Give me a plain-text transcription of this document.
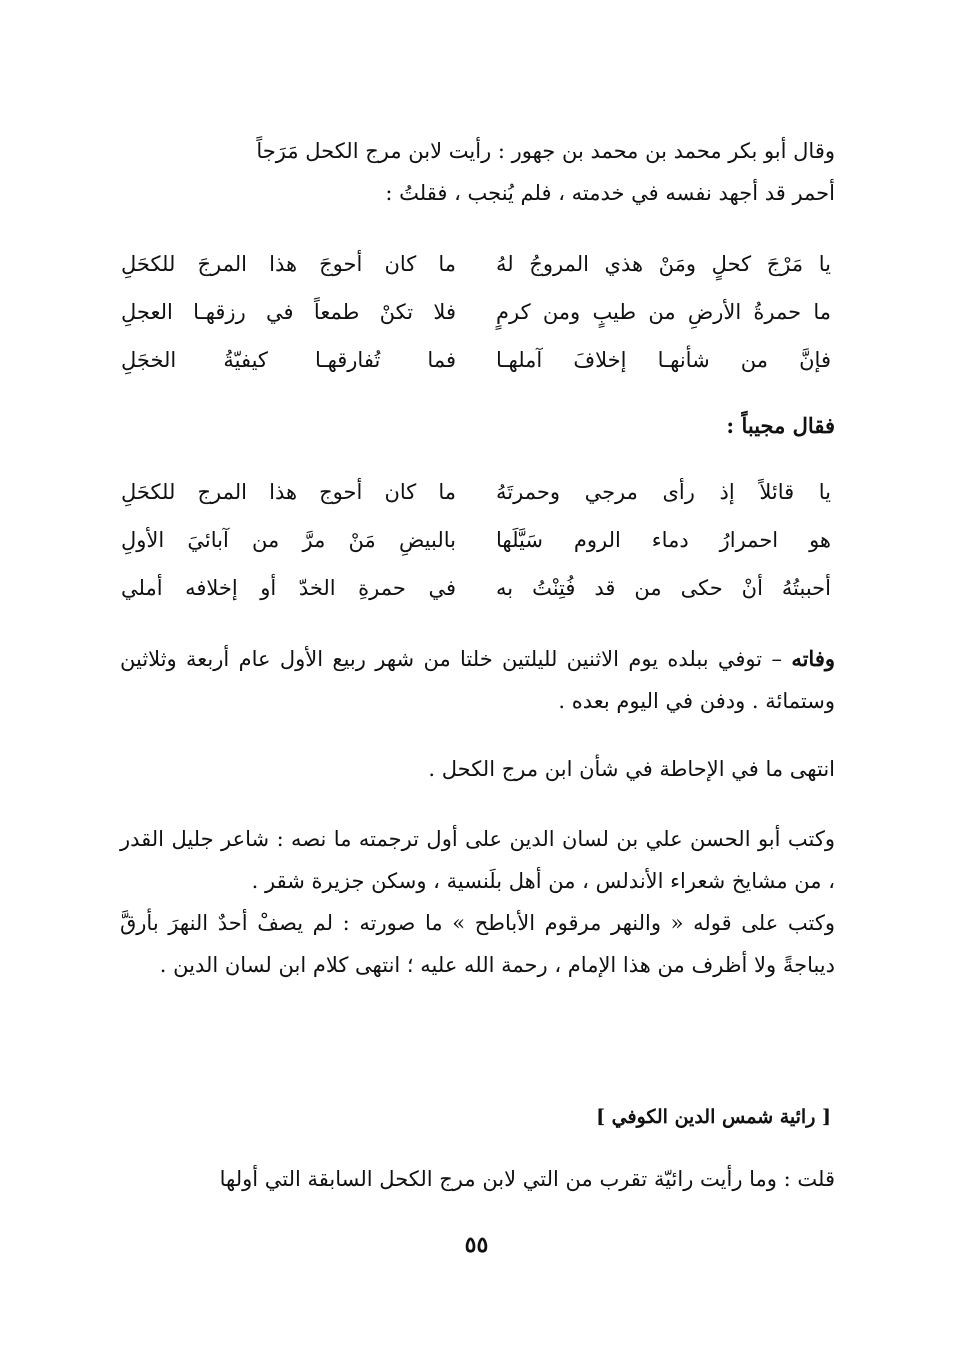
وقال أبو بكر محمد بن محمد بن جهور : رأيت لابن مرج الكحل مَرَجاً

أحمر قد أجهد نفسه في خدمته ، فلم يُنجب ، فقلتُ :

يا مَرْجَ كحلٍ ومَنْ هذي المروجُ لهُ
ما كان أحوجَ هذا المرجَ للكحَلِ
ما حمرةُ الأرضِ من طيبٍ ومن كرمٍ
فلا تكنْ طمعاً في رزقهـا العجلِ
فإنَّ من شأنهـا إخلافَ آملهـا
فما تُفارقهـا كيفيّةُ الخجَلِ

فقال مجيباً :

يا قائلاً إذ رأى مرجي وحمرتَهُ
ما كان أحوج هذا المرج للكحَلِ
هو احمرارُ دماء الروم سَيَّلَها
بالبيضِ مَنْ مرَّ من آبائيَ الأولِ
أحببتُهُ أنْ حكى من قد فُتِنْتُ به
في حمرةِ الخدّ أو إخلافه أملي

وفاته – توفي ببلده يوم الاثنين لليلتين خلتا من شهر ربيع الأول عام أربعة وثلاثين وستمائة . ودفن في اليوم بعده .

انتهى ما في الإحاطة في شأن ابن مرج الكحل .

وكتب أبو الحسن علي بن لسان الدين على أول ترجمته ما نصه : شاعر جليل القدر ، من مشايخ شعراء الأندلس ، من أهل بلَنسية ، وسكن جزيرة شقر .

وكتب على قوله « والنهر مرقوم الأباطح » ما صورته : لم يصفْ أحدٌ النهرَ بأرقَّ ديباجةً ولا أظرف من هذا الإمام ، رحمة الله عليه ؛ انتهى كلام ابن لسان الدين .

[ رائية شمس الدين الكوفي ]

قلت : وما رأيت رائيّة تقرب من التي لابن مرج الكحل السابقة التي أولها

٥٥
